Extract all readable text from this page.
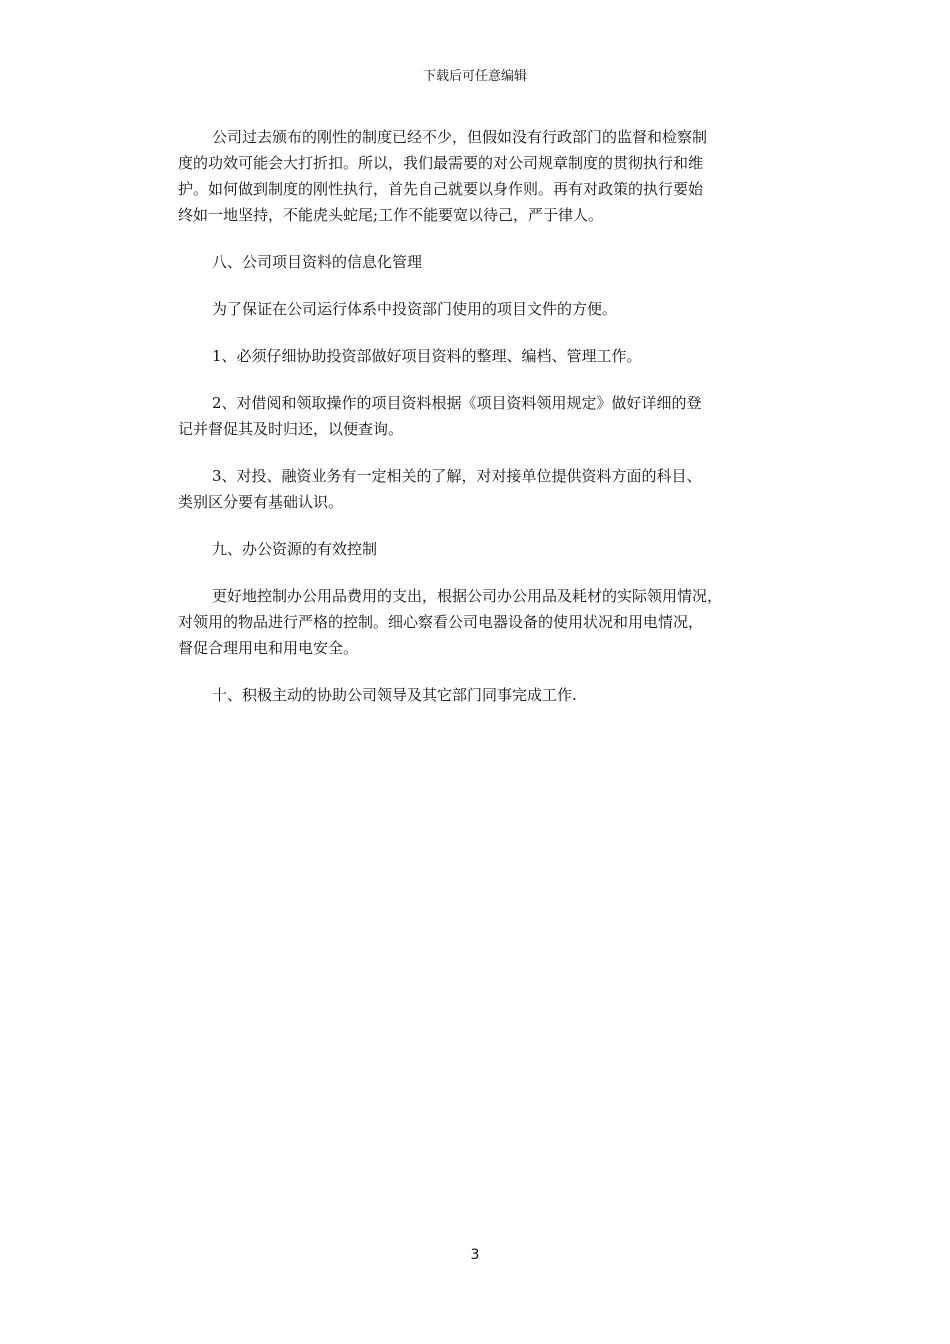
下载后可任意编辑

公司过去颁布的刚性的制度已经不少，但假如没有行政部门的监督和检察制
度的功效可能会大打折扣。所以，我们最需要的对公司规章制度的贯彻执行和维
护。如何做到制度的刚性执行，首先自己就要以身作则。再有对政策的执行要始
终如一地坚持，不能虎头蛇尾;工作不能要宽以待己，严于律人。

八、公司项目资料的信息化管理

为了保证在公司运行体系中投资部门使用的项目文件的方便。

1、必须仔细协助投资部做好项目资料的整理、编档、管理工作。

2、对借阅和领取操作的项目资料根据《项目资料领用规定》做好详细的登
记并督促其及时归还，以便查询。

3、对投、融资业务有一定相关的了解，对对接单位提供资料方面的科目、
类别区分要有基础认识。

九、办公资源的有效控制

更好地控制办公用品费用的支出，根据公司办公用品及耗材的实际领用情况，
对领用的物品进行严格的控制。细心察看公司电器设备的使用状况和用电情况，
督促合理用电和用电安全。

十、积极主动的协助公司领导及其它部门同事完成工作.

3
